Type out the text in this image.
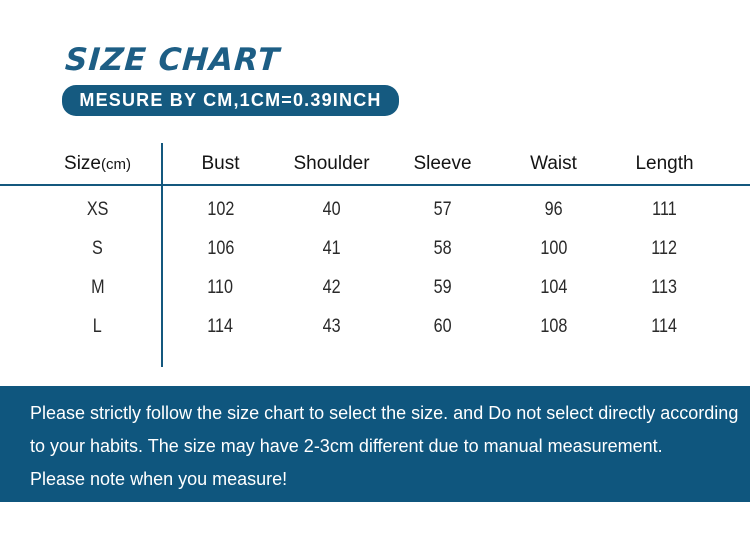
SIZE CHART
MESURE BY CM,1CM=0.39INCH
Size(cm)	Bust	Shoulder	Sleeve	Waist	Length
XS	102	40	57	96	111
S	106	41	58	100	112
M	110	42	59	104	113
L	114	43	60	108	114
Please strictly follow the size chart to select the size. and Do not select directly according
to your habits. The size may have 2-3cm different due to manual measurement.
Please note when you measure!
